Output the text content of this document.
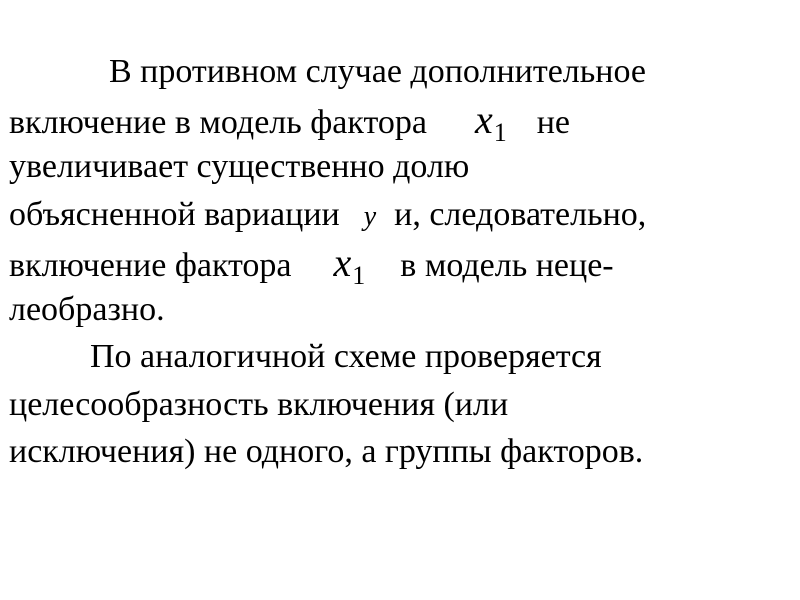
В противном случае дополнительное
включение в модель фактора $x_1$ не
увеличивает существенно долю
объясненной вариации y и, следовательно,
включение фактора $x_1$ в модель неце-
леобразно.
По аналогичной схеме проверяется
целесообразность включения (или
исключения) не одного, а группы факторов.
